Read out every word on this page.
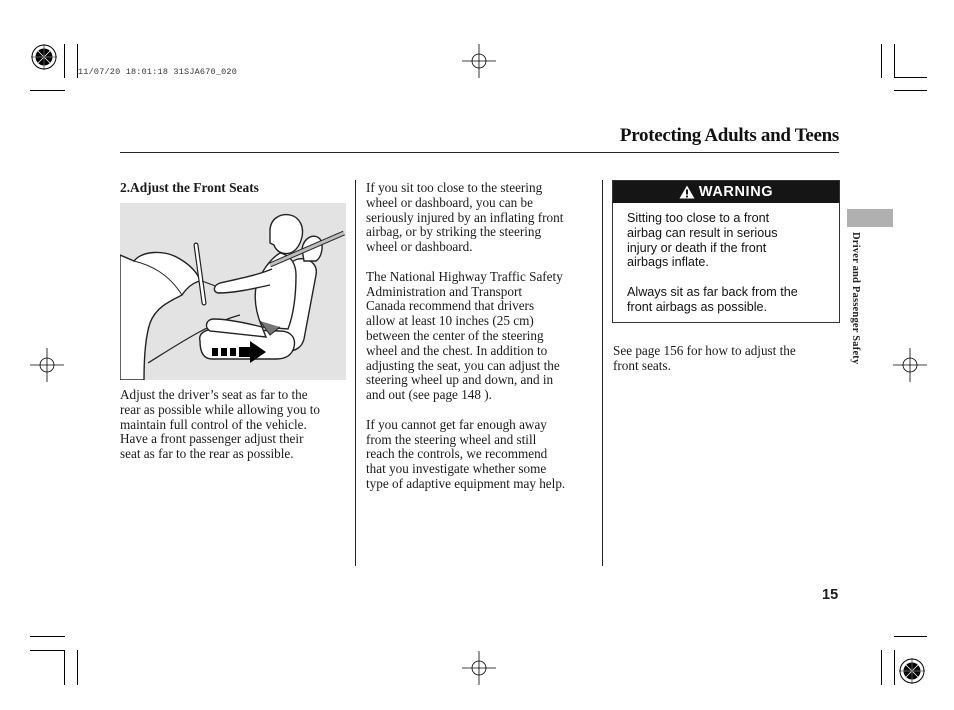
11/07/20 18:01:18 31SJA670_020
Protecting Adults and Teens
2.Adjust the Front Seats
Adjust the driver’s seat as far to the
rear as possible while allowing you to
maintain full control of the vehicle.
Have a front passenger adjust their
seat as far to the rear as possible.

If you sit too close to the steering
wheel or dashboard, you can be
seriously injured by an inflating front
airbag, or by striking the steering
wheel or dashboard.

The National Highway Traffic Safety
Administration and Transport
Canada recommend that drivers
allow at least 10 inches (25 cm)
between the center of the steering
wheel and the chest. In addition to
adjusting the seat, you can adjust the
steering wheel up and down, and in
and out (see page 148 ).

If you cannot get far enough away
from the steering wheel and still
reach the controls, we recommend
that you investigate whether some
type of adaptive equipment may help.

WARNING

Sitting too close to a front
airbag can result in serious
injury or death if the front
airbags inflate.

Always sit as far back from the
front airbags as possible.

See page 156 for how to adjust the
front seats.
Driver and Passenger Safety
15
